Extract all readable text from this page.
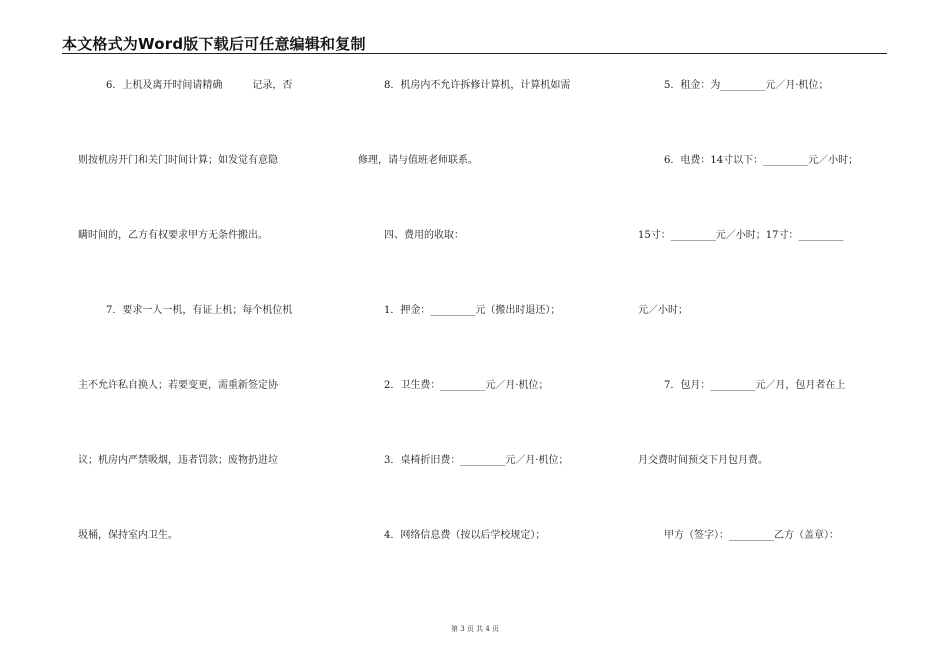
本文格式为Word版下载后可任意编辑和复制
6．上机及离开时间请精确　　　记录，否
则按机房开门和关门时间计算；如发觉有意隐
瞒时间的，乙方有权要求甲方无条件搬出。
7．要求一人一机，有证上机；每个机位机
主不允许私自换人；若要变更，需重新签定协
议；机房内严禁吸烟，违者罚款；废物扔进垃
圾桶，保持室内卫生。
8．机房内不允许拆修计算机，计算机如需
修理，请与值班老师联系。
四、费用的收取：
1．押金：_________元（搬出时退还）；
2．卫生费：_________元／月·机位；
3．桌椅折旧费：_________元／月·机位；
4．网络信息费（按以后学校规定）；
5．租金：为_________元／月·机位；
6．电费：14寸以下：_________元／小时；
15寸：_________元／小时；17寸：_________
元／小时；
7．包月：_________元／月，包月者在上
月交费时间预交下月包月费。
甲方（签字）：_________乙方（盖章）：
第 3 页 共 4 页
